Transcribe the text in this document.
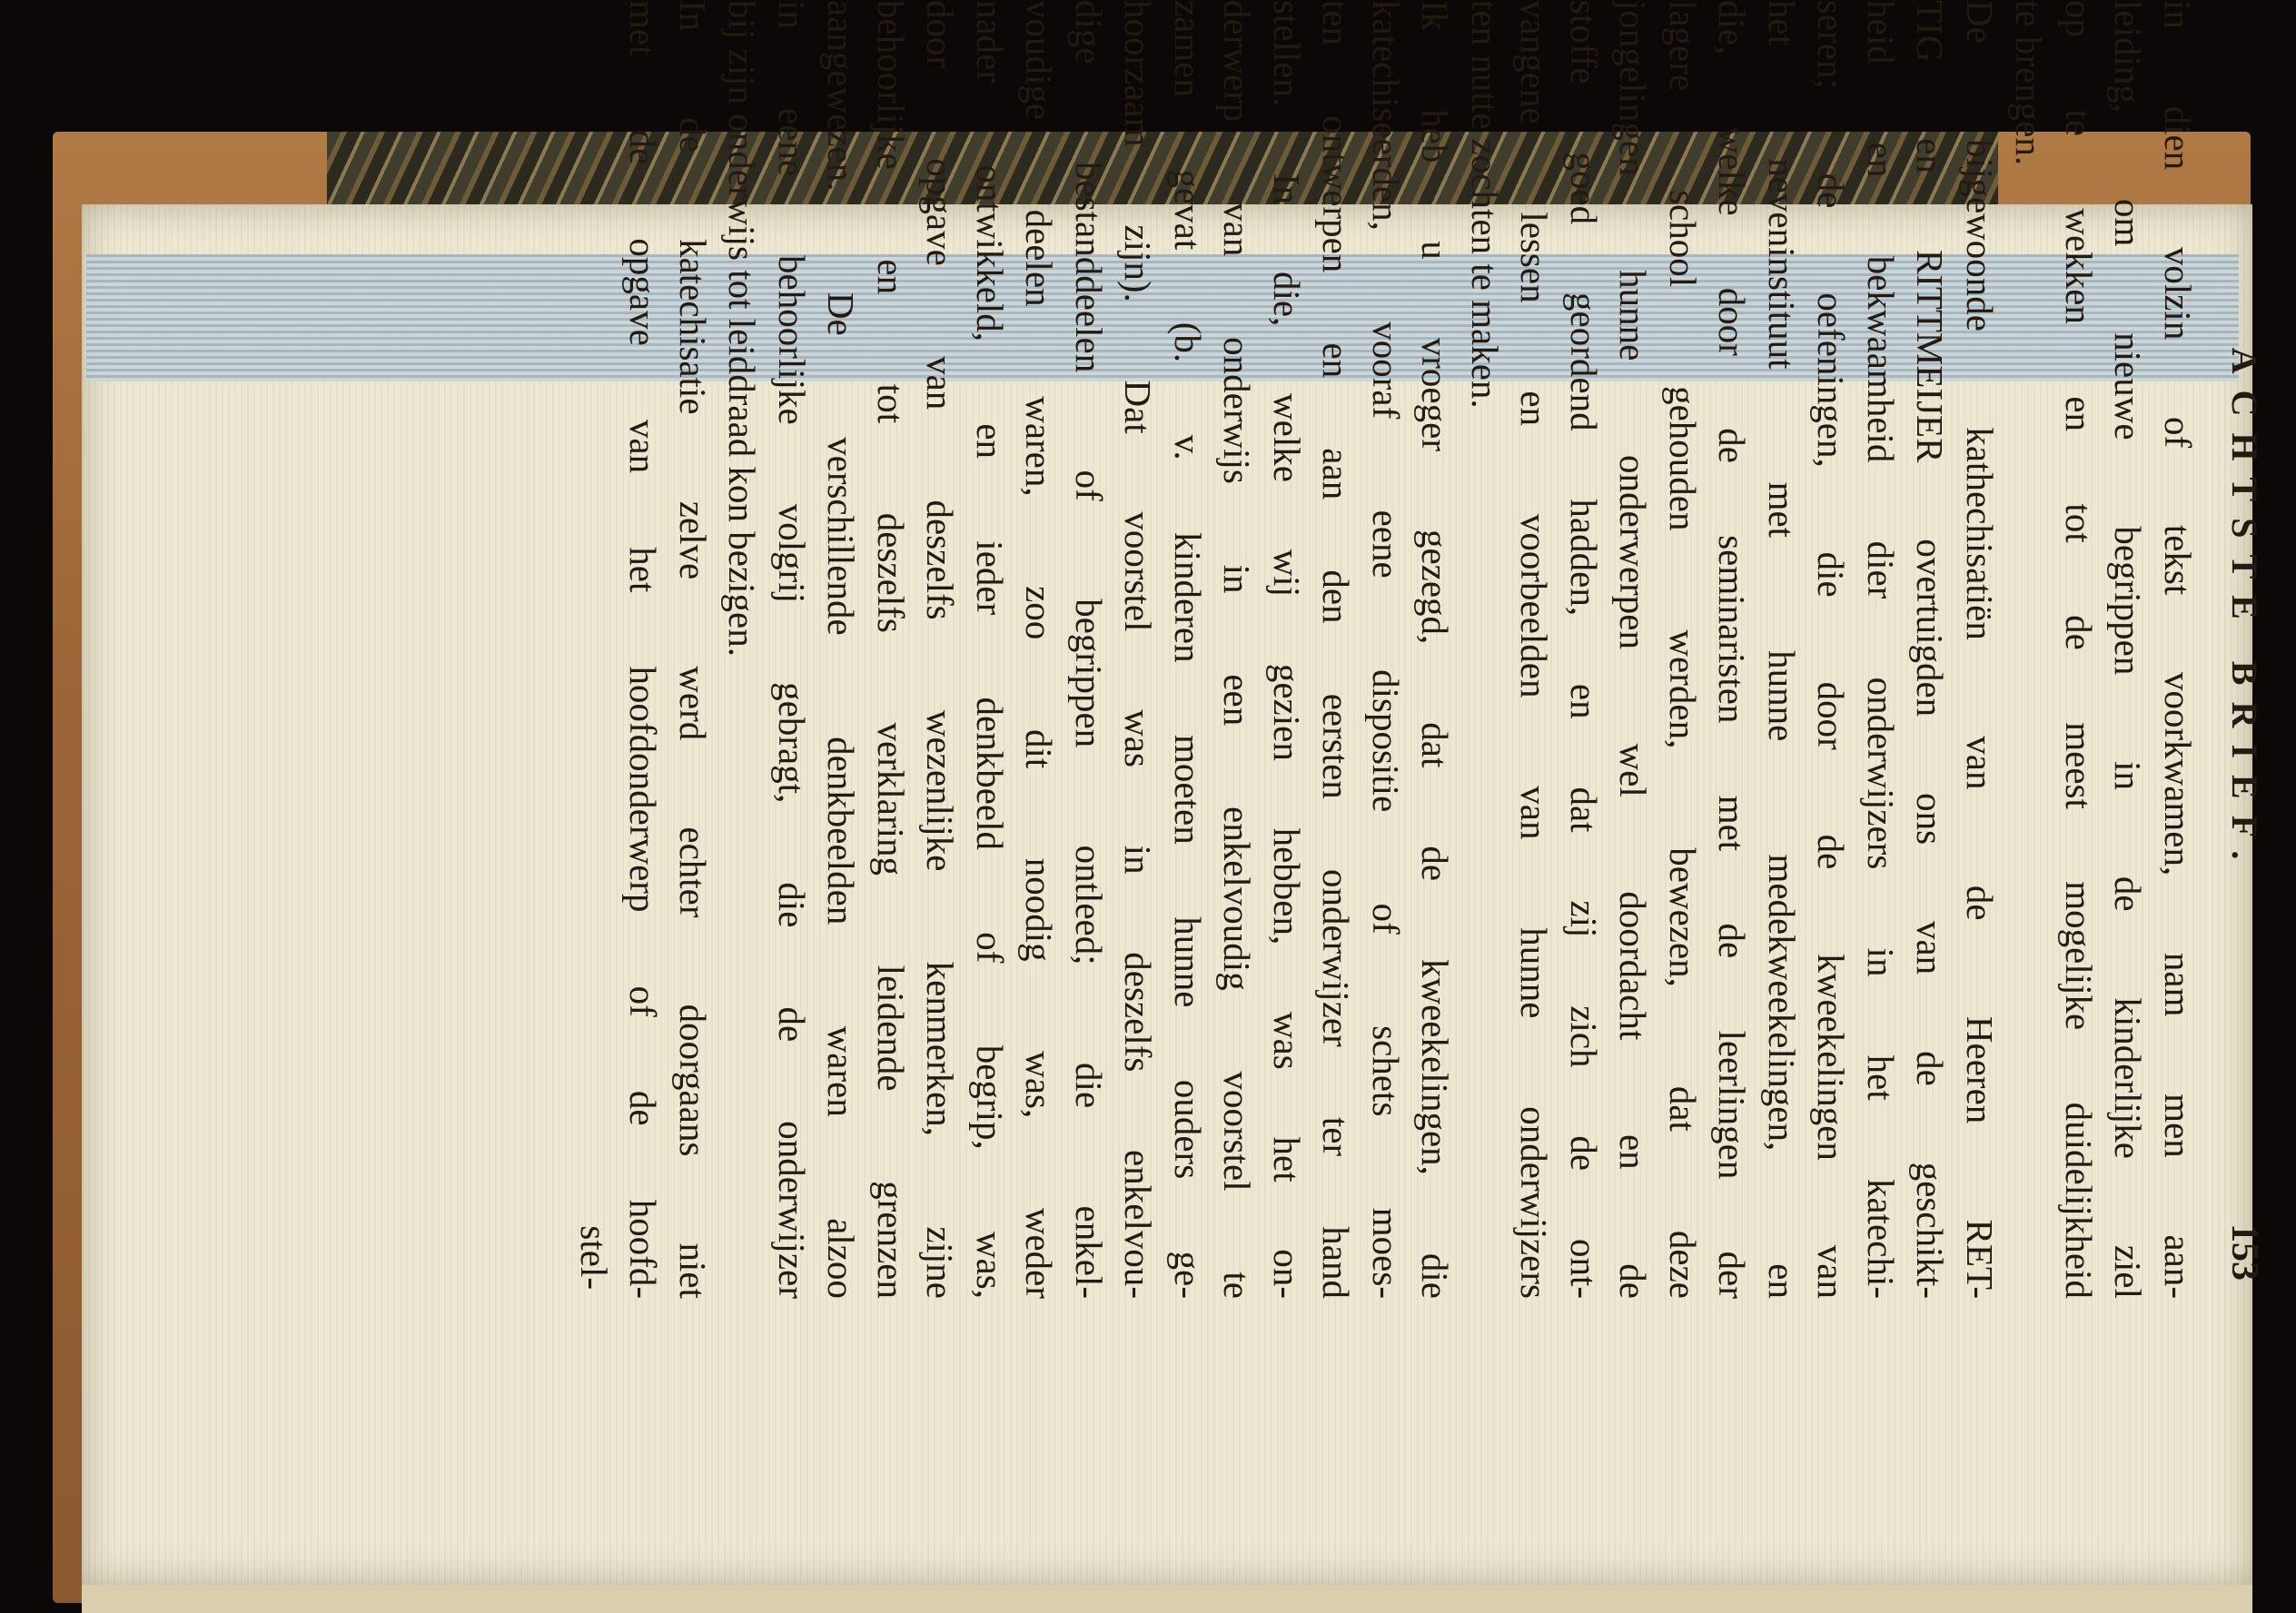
ACHTSTE BRIEF.
153
in dien volzin of tekst voorkwamen, nam men aan-
leiding, om nieuwe begrippen in de kinderlijke ziel
op te wekken en tot de meest mogelijke duidelijkheid
te brengen.
De bijgewoonde kathechisatiën van de Heeren RET-
TIG en RITTMEIJER overtuigden ons van de geschikt-
heid en bekwaamheid dier onderwijzers in het katechi-
seren; de oefeningen, die door de kweekelingen van
het neveninstituut met hunne medekweekelingen, en
die, welke door de seminaristen met de leerlingen der
lagere school gehouden werden, bewezen, dat deze
jongelingen hunne onderwerpen wel doordacht en de
stoffe goed geordend hadden, en dat zij zich de ont-
vangene lessen en voorbeelden van hunne onderwijzers
ten nutte zochten te maken.
Ik heb u vroeger gezegd, dat de kweekelingen, die
katechiseerden, vooraf eene dispositie of schets moes-
ten ontwerpen en aan den eersten onderwijzer ter hand
stellen. In die, welke wij gezien hebben, was het on-
derwerp van onderwijs in een enkelvoudig voorstel te
zamen gevat (b. v. kinderen moeten hunne ouders ge-
hoorzaam zijn). Dat voorstel was in deszelfs enkelvou-
dige bestanddeelen of begrippen ontleed; die enkel-
voudige deelen waren, zoo dit noodig was, weder
nader ontwikkeld, en ieder denkbeeld of begrip, was,
door opgave van deszelfs wezenlijke kenmerken, zijne
behoorlijke en tot deszelfs verklaring leidende grenzen
aangewezen. De verschillende denkbeelden waren alzoo
in eene behoorlijke volgrij gebragt, die de onderwijzer
bij zijn onderwijs tot leiddraad kon bezigen.
In de katechisatie zelve werd echter doorgaans niet
met de opgave van het hoofdonderwerp of de hoofd-
stel-
